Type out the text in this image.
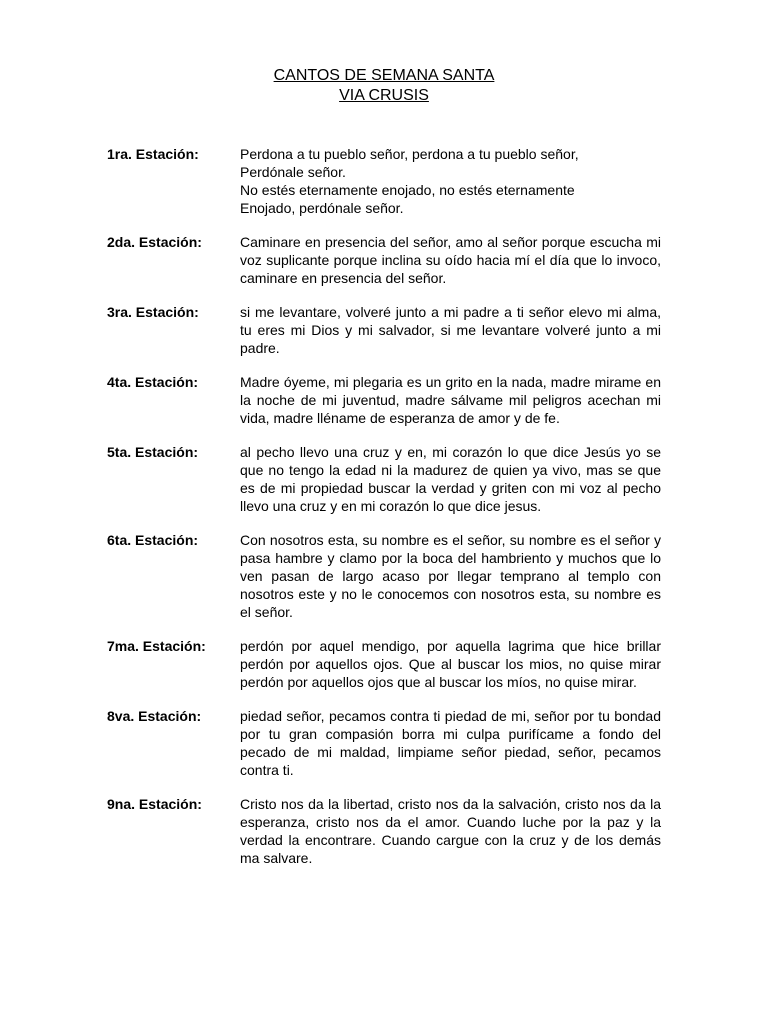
CANTOS DE SEMANA SANTA
VIA CRUSIS
1ra. Estación:	Perdona a tu pueblo señor, perdona a tu pueblo señor,
Perdónale señor.
No estés eternamente enojado, no estés eternamente
Enojado, perdónale señor.
2da. Estación:	Caminare en presencia del señor, amo al señor porque escucha mi voz suplicante porque inclina su oído hacia mí el día que lo invoco, caminare en presencia del señor.
3ra. Estación:	si me levantare, volveré junto a mi padre a ti señor elevo mi alma, tu eres mi Dios y mi salvador, si me levantare volveré junto a mi padre.
4ta. Estación:	Madre óyeme, mi plegaria es un grito en la nada, madre mirame en la noche de mi juventud, madre sálvame mil peligros acechan mi vida, madre lléname de esperanza de amor y de fe.
5ta. Estación:	al pecho llevo una cruz y en, mi corazón lo que dice Jesús yo se que no tengo la edad ni la madurez de quien ya vivo, mas se que es de mi propiedad buscar la verdad y griten con mi voz al pecho llevo una cruz y en mi corazón lo que dice jesus.
6ta. Estación:	Con nosotros esta, su nombre es el señor, su nombre es el señor y pasa hambre y clamo por la boca del hambriento y muchos que lo ven pasan de largo acaso por llegar temprano al templo con nosotros este y no le conocemos con nosotros esta, su nombre es el señor.
7ma. Estación:	perdón por aquel mendigo, por aquella lagrima que hice brillar perdón por aquellos ojos. Que al buscar los mios, no quise mirar perdón por aquellos ojos que al buscar los míos, no quise mirar.
8va. Estación:	piedad señor, pecamos contra ti piedad de mi, señor por tu bondad por tu gran compasión borra mi culpa purifícame a fondo del pecado de mi maldad, limpiame señor piedad, señor, pecamos contra ti.
9na. Estación:	Cristo nos da la libertad, cristo nos da la salvación, cristo nos da la esperanza, cristo nos da el amor. Cuando luche por la paz y la verdad la encontrare. Cuando cargue con la cruz y de los demás ma salvare.
